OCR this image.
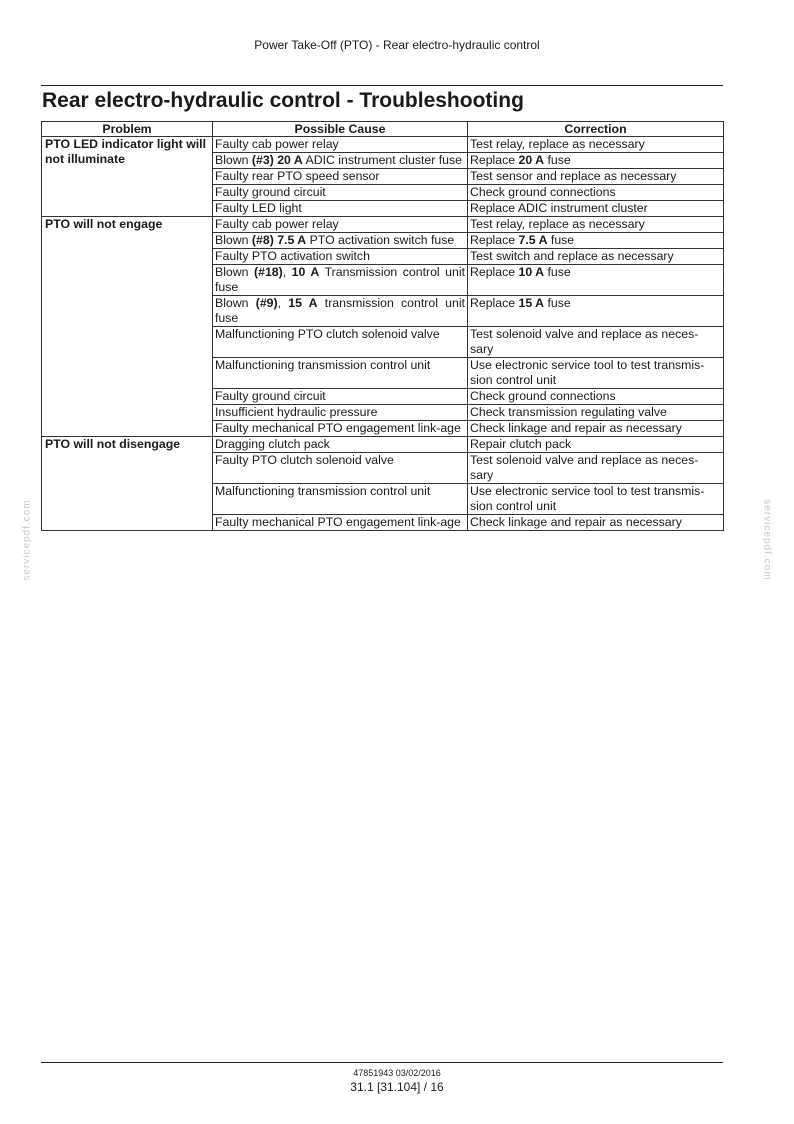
Power Take-Off (PTO) - Rear electro-hydraulic control
Rear electro-hydraulic control - Troubleshooting
Problem	Possible Cause	Correction
PTO LED indicator light will not illuminate	Faulty cab power relay	Test relay, replace as necessary
	Blown (#3) 20 A ADIC instrument cluster fuse	Replace 20 A fuse
	Faulty rear PTO speed sensor	Test sensor and replace as necessary
	Faulty ground circuit	Check ground connections
	Faulty LED light	Replace ADIC instrument cluster
PTO will not engage	Faulty cab power relay	Test relay, replace as necessary
	Blown (#8) 7.5 A PTO activation switch fuse	Replace 7.5 A fuse
	Faulty PTO activation switch	Test switch and replace as necessary
	Blown (#18), 10 A Transmission control unit fuse	Replace 10 A fuse
	Blown (#9), 15 A transmission control unit fuse	Replace 15 A fuse
	Malfunctioning PTO clutch solenoid valve	Test solenoid valve and replace as neces-sary
	Malfunctioning transmission control unit	Use electronic service tool to test transmis-sion control unit
	Faulty ground circuit	Check ground connections
	Insufficient hydraulic pressure	Check transmission regulating valve
	Faulty mechanical PTO engagement link-age	Check linkage and repair as necessary
PTO will not disengage	Dragging clutch pack	Repair clutch pack
	Faulty PTO clutch solenoid valve	Test solenoid valve and replace as neces-sary
	Malfunctioning transmission control unit	Use electronic service tool to test transmis-sion control unit
	Faulty mechanical PTO engagement link-age	Check linkage and repair as necessary
servicepdf.com	servicepdf.com
47851943 03/02/2016
31.1 [31.104] / 16
